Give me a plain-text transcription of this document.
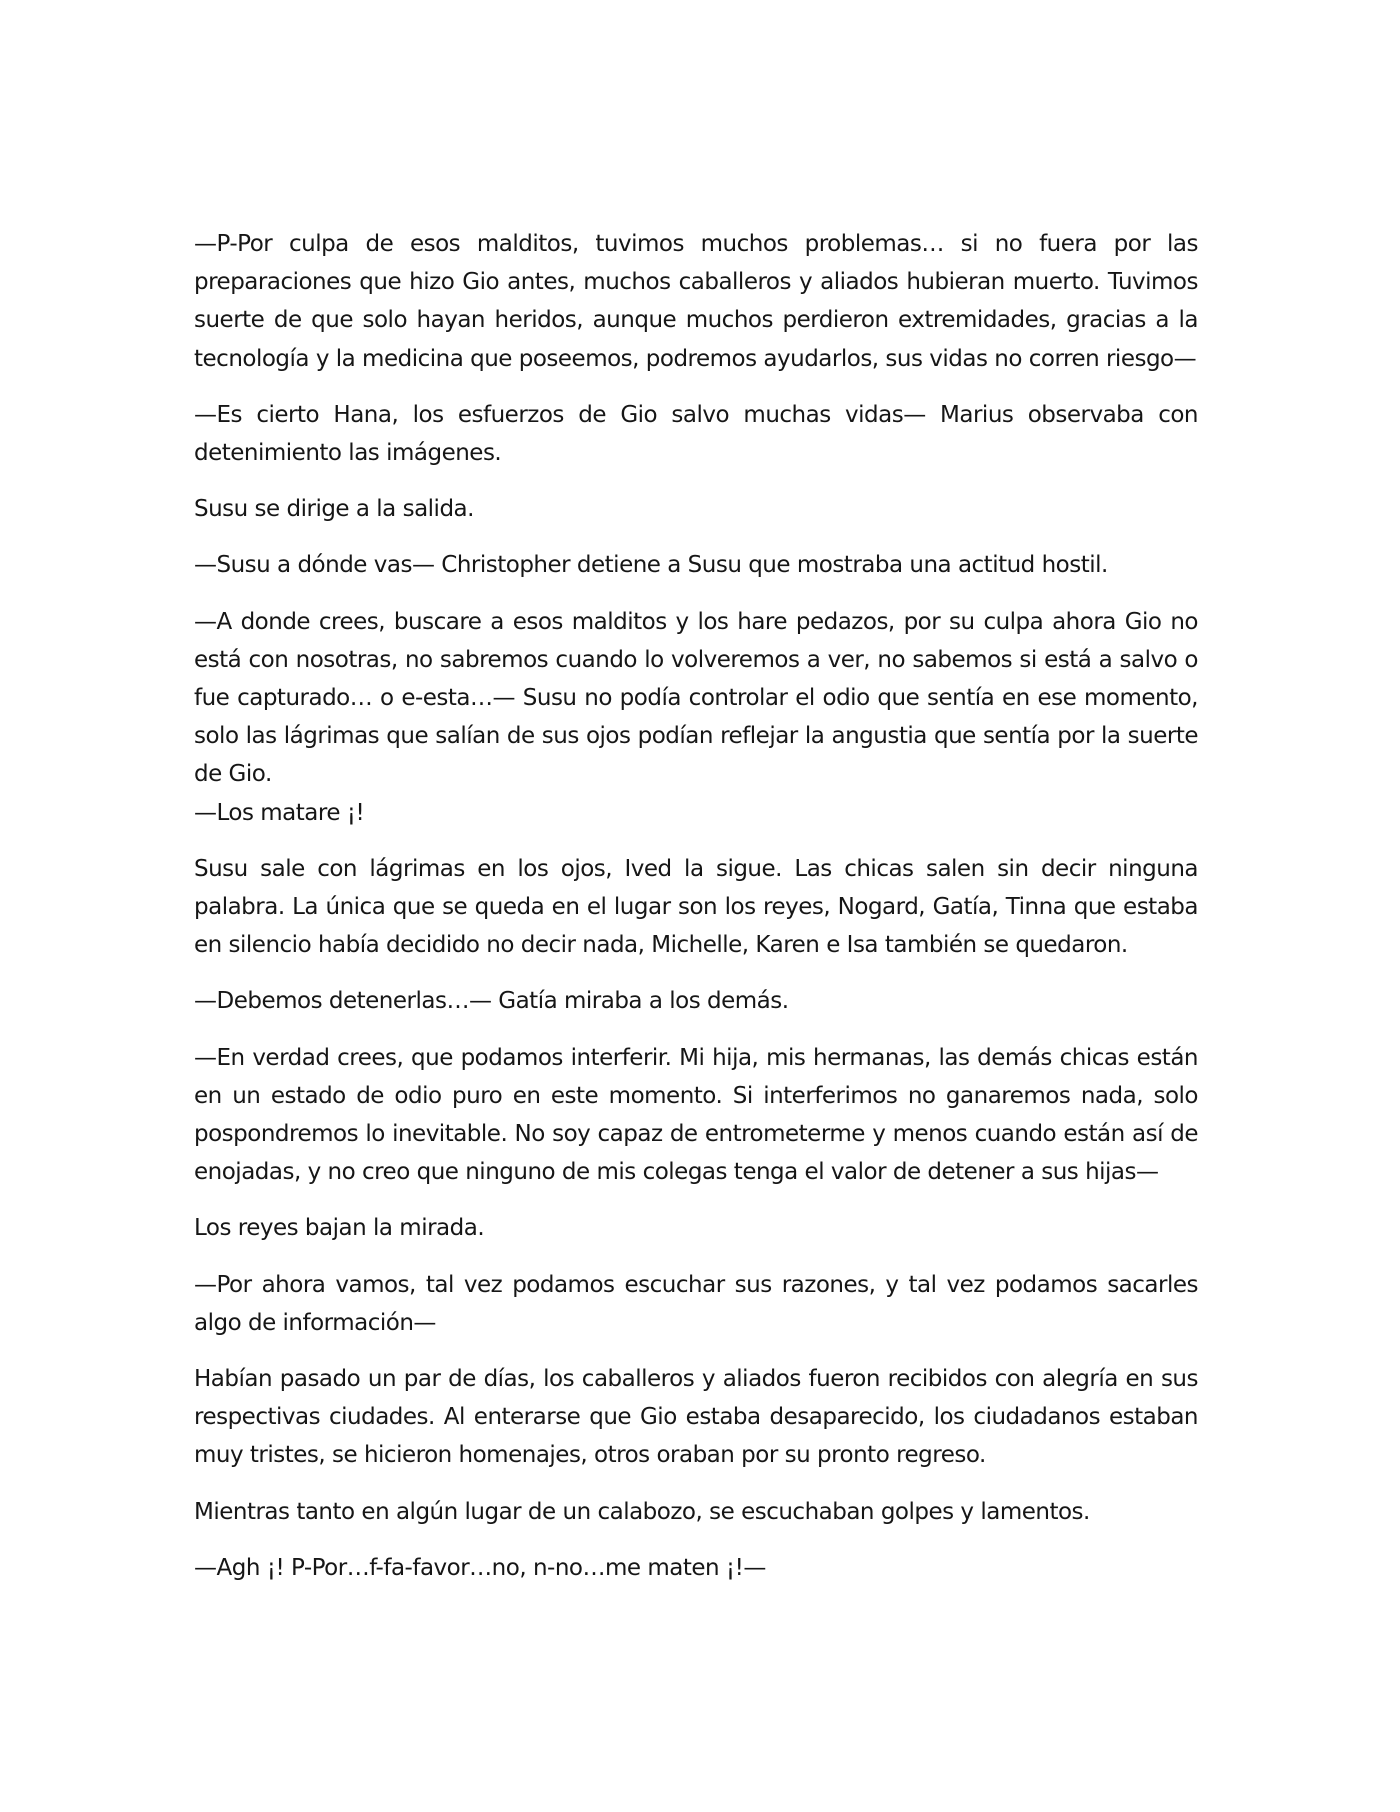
—P-Por culpa de esos malditos, tuvimos muchos problemas… si no fuera por las preparaciones que hizo Gio antes, muchos caballeros y aliados hubieran muerto. Tuvimos suerte de que solo hayan heridos, aunque muchos perdieron extremidades, gracias a la tecnología y la medicina que poseemos, podremos ayudarlos, sus vidas no corren riesgo—

—Es cierto Hana, los esfuerzos de Gio salvo muchas vidas— Marius observaba con detenimiento las imágenes.

Susu se dirige a la salida.

—Susu a dónde vas— Christopher detiene a Susu que mostraba una actitud hostil.

—A donde crees, buscare a esos malditos y los hare pedazos, por su culpa ahora Gio no está con nosotras, no sabremos cuando lo volveremos a ver, no sabemos si está a salvo o fue capturado… o e-esta…— Susu no podía controlar el odio que sentía en ese momento, solo las lágrimas que salían de sus ojos podían reflejar la angustia que sentía por la suerte de Gio.

—Los matare ¡!

Susu sale con lágrimas en los ojos, Ived la sigue. Las chicas salen sin decir ninguna palabra. La única que se queda en el lugar son los reyes, Nogard, Gatía, Tinna que estaba en silencio había decidido no decir nada, Michelle, Karen e Isa también se quedaron.

—Debemos detenerlas…— Gatía miraba a los demás.

—En verdad crees, que podamos interferir. Mi hija, mis hermanas, las demás chicas están en un estado de odio puro en este momento. Si interferimos no ganaremos nada, solo pospondremos lo inevitable. No soy capaz de entrometerme y menos cuando están así de enojadas, y no creo que ninguno de mis colegas tenga el valor de detener a sus hijas—

Los reyes bajan la mirada.

—Por ahora vamos, tal vez podamos escuchar sus razones, y tal vez podamos sacarles algo de información—

Habían pasado un par de días, los caballeros y aliados fueron recibidos con alegría en sus respectivas ciudades. Al enterarse que Gio estaba desaparecido, los ciudadanos estaban muy tristes, se hicieron homenajes, otros oraban por su pronto regreso.

Mientras tanto en algún lugar de un calabozo, se escuchaban golpes y lamentos.

—Agh ¡! P-Por…f-fa-favor…no, n-no…me maten ¡!—
